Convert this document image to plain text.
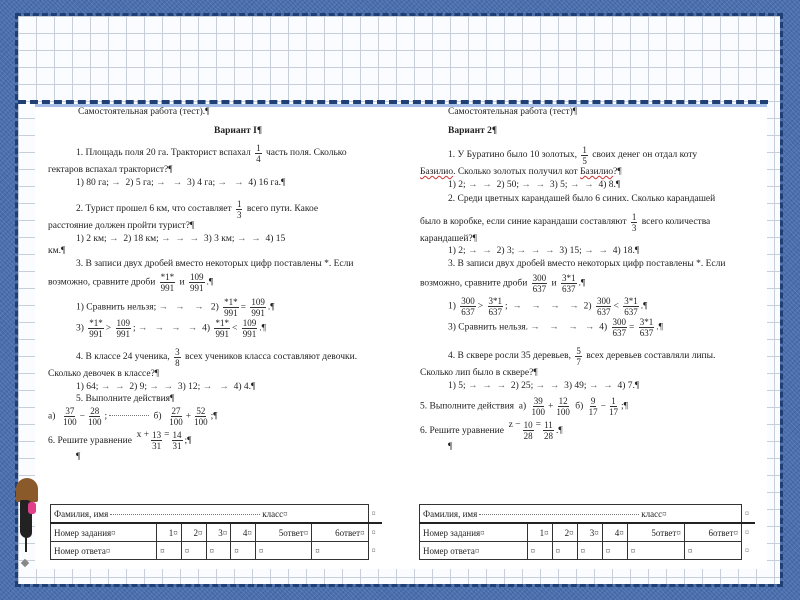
Самостоятельная работа (тест).¶
Вариант I¶
1. Площадь поля 20 га. Тракторист вспахал $\frac{1}{4}$ часть поля. Сколько
гектаров вспахал тракторист?¶
1) 80 га; → 2) 5 га; → → 3) 4 га; → → 4) 16 га.¶
2. Турист прошел 6 км, что составляет $\frac{1}{3}$ всего пути. Какое
расстояние должен пройти турист?¶
1) 2 км; → 2) 18 км; → → → 3) 3 км; → → 4) 15
км.¶
3. В записи двух дробей вместо некоторых цифр поставлены *. Если
возможно, сравните дроби $\frac{*1*}{991}$ и $\frac{109}{991}$ .¶
1) Сравнить нельзя; → → → $2) \frac{*1*}{991} = \frac{109}{991}$ .¶
$3) \frac{*1*}{991} > \frac{109}{991}$ ; → → → → $4) \frac{*1*}{991} < \frac{109}{991}$ .¶
4. В классе 24 ученика, $\frac{3}{8}$ всех учеников класса составляют девочки.
Сколько девочек в классе?¶
1) 64; → → 2) 9; → → 3) 12; → → 4) 4.¶
5. Выполните действия¶
$а) \frac{37}{100} - \frac{28}{100}$ ;	$б) \frac{27}{100} + \frac{52}{100}$ ;¶
6. Решите уравнение  $x + \frac{13}{31} = \frac{14}{31}$ ;¶
¶
Самостоятельная работа (тест)¶
Вариант 2¶
1. У Буратино было 10 золотых, $\frac{1}{5}$ своих денег он отдал коту
Базилио. Сколько золотых получил кот Базилио?¶
1) 2; → → 2) 50; → → 3) 5; → → 4) 8.¶
2. Среди цветных карандашей было 6 синих. Сколько карандашей
было в коробке, если синие карандаши составляют $\frac{1}{3}$ всего количества
карандашей?¶
1) 2; → → 2) 3; → → → 3) 15; → → 4) 18.¶
3. В записи двух дробей вместо некоторых цифр поставлены *. Если
возможно, сравните дроби $\frac{300}{637}$ и $\frac{3*1}{637}$ .¶
$1) \frac{300}{637} > \frac{3*1}{637}$ ;  → → → → $2) \frac{300}{637} < \frac{3*1}{637}$ .¶
3) Сравнить нельзя. → → → → $4) \frac{300}{637} = \frac{3*1}{637}$ .¶
4. В сквере росли 35 деревьев, $\frac{5}{7}$ всех деревьев составляли липы.
Сколько лип было в сквере?¶
1) 5; → → → 2) 25; → → 3) 49; → → 4) 7.¶
5. Выполните действия $а) \frac{39}{100} + \frac{12}{100} б) \frac{9}{17} - \frac{1}{17}$ ;¶
6. Решите уравнение  $z - \frac{10}{28} = \frac{11}{28}$ .¶
¶
Фамилия, имя класс¤							¤
Номер задания¤	1¤	2¤	3¤	4¤	5ответ¤	6ответ¤	¤
Номер ответа¤	¤	¤	¤	¤	¤	¤	¤
Фамилия, имя класс¤							¤
Номер задания¤	1¤	2¤	3¤	4¤	5ответ¤	6ответ¤	¤
Номер ответа¤	¤	¤	¤	¤	¤	¤	¤
